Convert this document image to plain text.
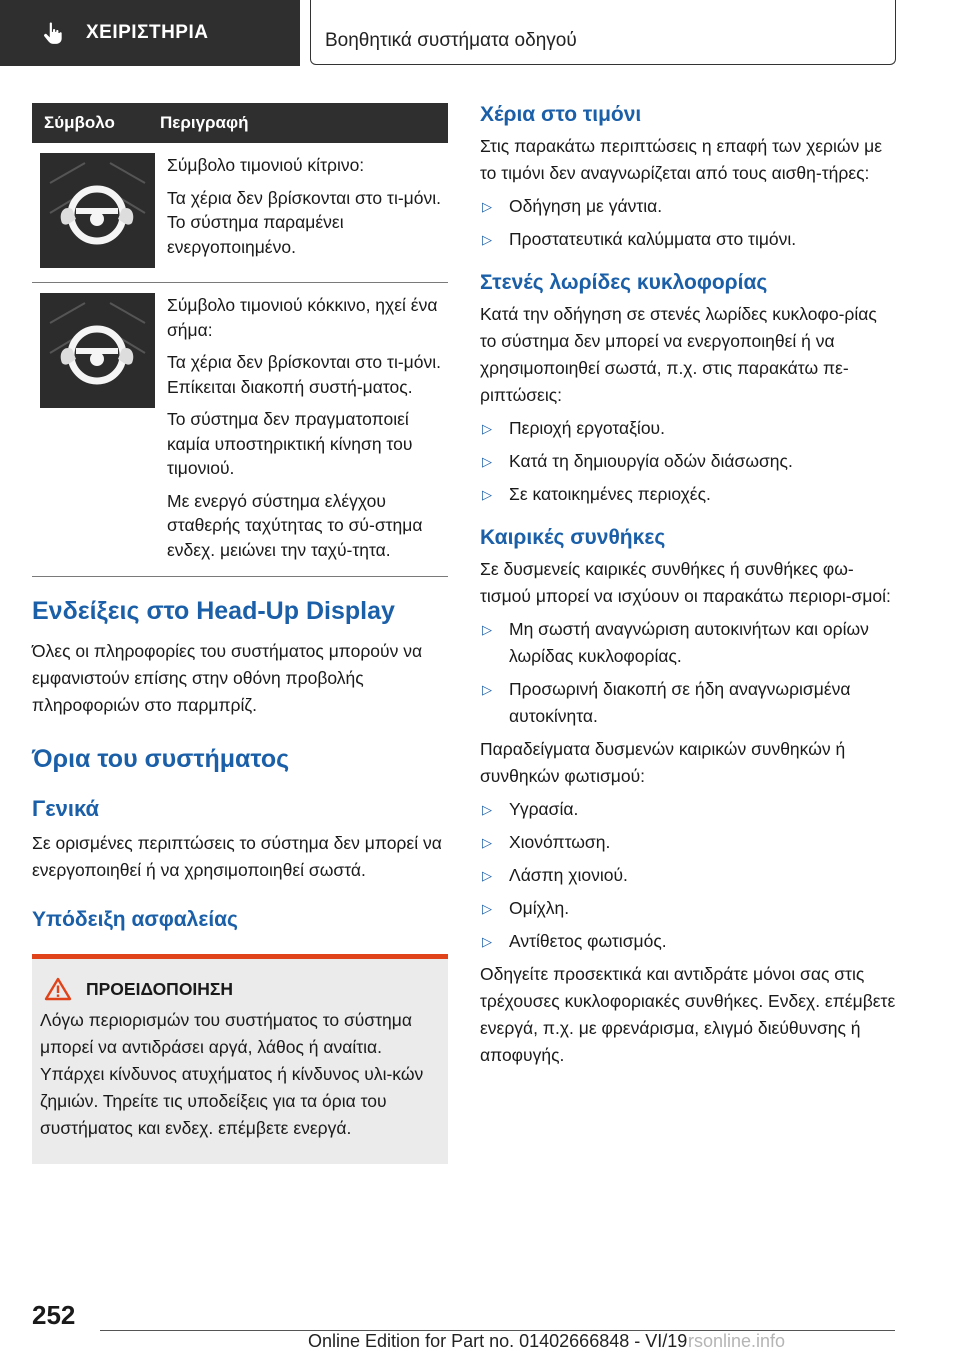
ΧΕΙΡΙΣΤΗΡΙΑ	Βοηθητικά συστήματα οδηγού
Σύμβολο	Περιγραφή

Σύμβολο τιμονιού κίτρινο:

Τα χέρια δεν βρίσκονται στο τι-μόνι. Το σύστημα παραμένει ενεργοποιημένο.

Σύμβολο τιμονιού κόκκινο, ηχεί ένα σήμα:

Τα χέρια δεν βρίσκονται στο τι-μόνι. Επίκειται διακοπή συστή-ματος.

Το σύστημα δεν πραγματοποιεί καμία υποστηρικτική κίνηση του τιμονιού.

Με ενεργό σύστημα ελέγχου σταθερής ταχύτητας το σύ-στημα ενδεχ. μειώνει την ταχύ-τητα.

Ενδείξεις στο Head-Up Display

Όλες οι πληροφορίες του συστήματος μπορούν να εμφανιστούν επίσης στην οθόνη προβολής πληροφοριών στο παρμπρίζ.

Όρια του συστήματος
Γενικά

Σε ορισμένες περιπτώσεις το σύστημα δεν μπορεί να ενεργοποιηθεί ή να χρησιμοποιηθεί σωστά.

Υπόδειξη ασφαλείας
ΠΡΟΕΙΔΟΠΟΙΗΣΗ

Λόγω περιορισμών του συστήματος το σύστημα μπορεί να αντιδράσει αργά, λάθος ή αναίτια. Υπάρχει κίνδυνος ατυχήματος ή κίνδυνος υλι-κών ζημιών. Τηρείτε τις υποδείξεις για τα όρια του συστήματος και ενδεχ. επέμβετε ενεργά.

Χέρια στο τιμόνι

Στις παρακάτω περιπτώσεις η επαφή των χεριών με το τιμόνι δεν αναγνωρίζεται από τους αισθη-τήρες:

▷ Οδήγηση με γάντια.
▷ Προστατευτικά καλύμματα στο τιμόνι.
Στενές λωρίδες κυκλοφορίας

Κατά την οδήγηση σε στενές λωρίδες κυκλοφο-ρίας το σύστημα δεν μπορεί να ενεργοποιηθεί ή να χρησιμοποιηθεί σωστά, π.χ. στις παρακάτω πε-ριπτώσεις:

▷ Περιοχή εργοταξίου.
▷ Κατά τη δημιουργία οδών διάσωσης.
▷ Σε κατοικημένες περιοχές.
Καιρικές συνθήκες

Σε δυσμενείς καιρικές συνθήκες ή συνθήκες φω-τισμού μπορεί να ισχύουν οι παρακάτω περιορι-σμοί:

▷ Μη σωστή αναγνώριση αυτοκινήτων και ορίων λωρίδας κυκλοφορίας.
▷ Προσωρινή διακοπή σε ήδη αναγνωρισμένα αυτοκίνητα.

Παραδείγματα δυσμενών καιρικών συνθηκών ή συνθηκών φωτισμού:

▷ Υγρασία.
▷ Χιονόπτωση.
▷ Λάσπη χιονιού.
▷ Ομίχλη.
▷ Αντίθετος φωτισμός.

Οδηγείτε προσεκτικά και αντιδράτε μόνοι σας στις τρέχουσες κυκλοφοριακές συνθήκες. Ενδεχ. επέμβετε ενεργά, π.χ. με φρενάρισμα, ελιγμό διεύθυνσης ή αποφυγής.

252
Online Edition for Part no. 01402666848 - VI/19 rsonline.info
